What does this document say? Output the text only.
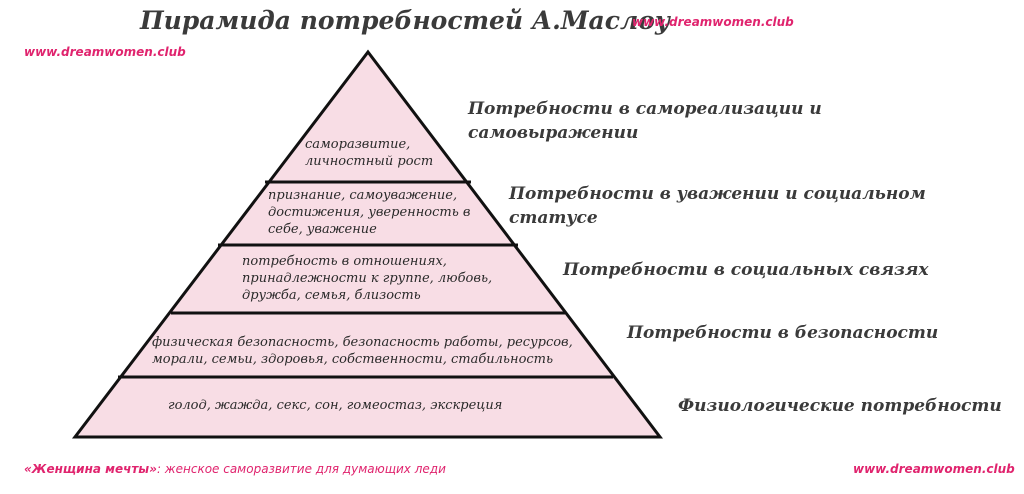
Пирамида потребностей А.Маслоу
www.dreamwomen.club
www.dreamwomen.club
www.dreamwomen.club
«Женщина мечты»: женское саморазвитие для думающих леди
саморазвитие,
личностный рост
Потребности в самореализации и
самовыражении
признание, самоуважение,
достижения, уверенность в
себе, уважение
Потребности в уважении и социальном
статусе
потребность в отношениях,
принадлежности к группе, любовь,
дружба, семья, близость
Потребности в социальных связях
физическая безопасность, безопасность работы, ресурсов,
морали, семьи, здоровья, собственности, стабильность
Потребности в безопасности
голод, жажда, секс, сон, гомеостаз, экскреция	Физиологические потребности
